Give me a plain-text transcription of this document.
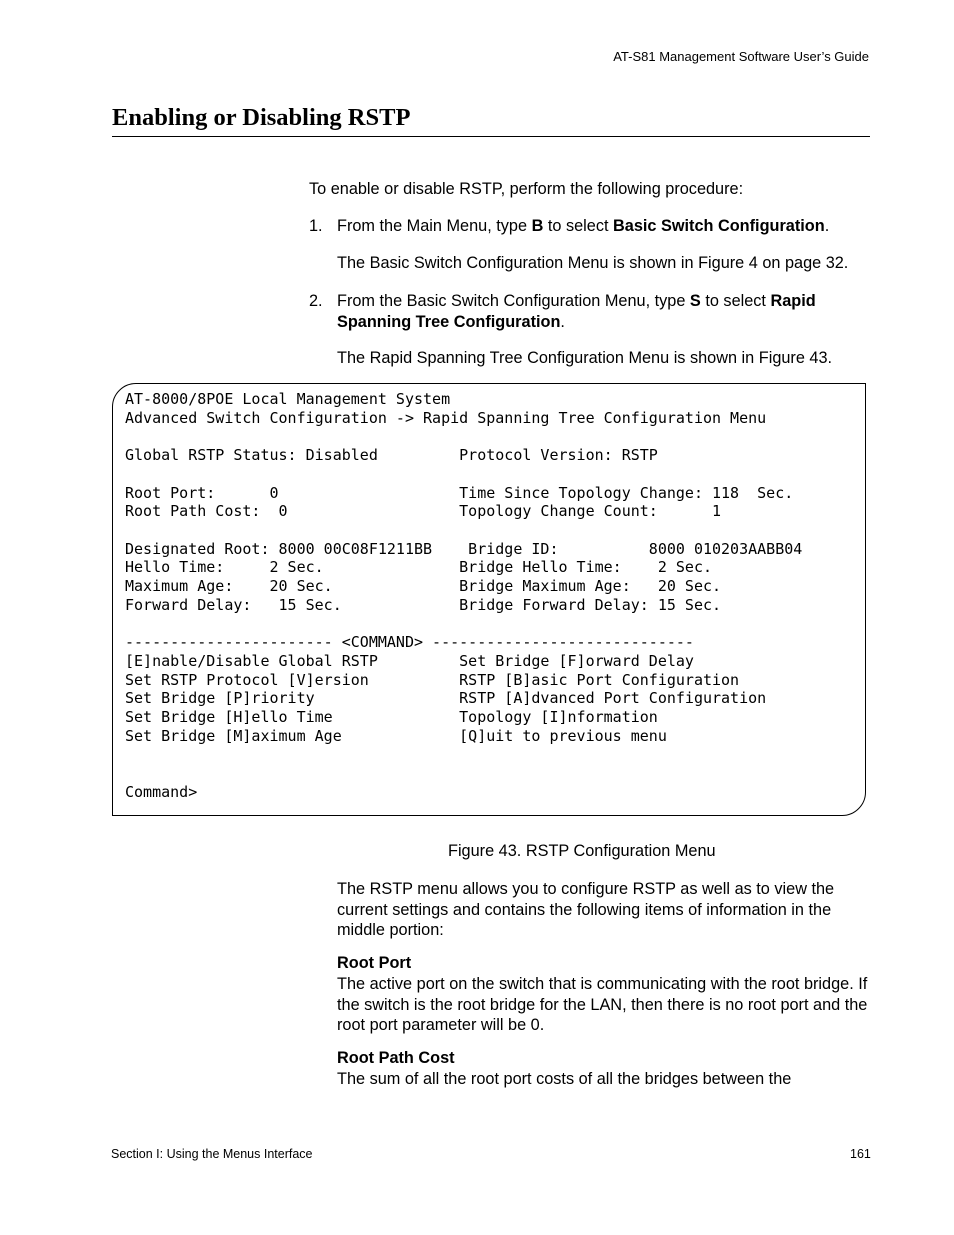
AT-S81 Management Software User’s Guide
Enabling or Disabling RSTP
To enable or disable RSTP, perform the following procedure:
1. From the Main Menu, type B to select Basic Switch Configuration.
The Basic Switch Configuration Menu is shown in Figure 4 on page 32.
2. From the Basic Switch Configuration Menu, type S to select Rapid Spanning Tree Configuration.
The Rapid Spanning Tree Configuration Menu is shown in Figure 43.
AT-8000/8POE Local Management System
Advanced Switch Configuration -> Rapid Spanning Tree Configuration Menu
Global RSTP Status: Disabled         Protocol Version: RSTP
Root Port:      0                    Time Since Topology Change: 118  Sec.
Root Path Cost:  0                   Topology Change Count:      1
Designated Root: 8000 00C08F1211BB    Bridge ID:          8000 010203AABB04
Hello Time:     2 Sec.               Bridge Hello Time:    2 Sec.
Maximum Age:    20 Sec.              Bridge Maximum Age:   20 Sec.
Forward Delay:   15 Sec.             Bridge Forward Delay: 15 Sec.
----------------------- <COMMAND> -----------------------------
[E]nable/Disable Global RSTP         Set Bridge [F]orward Delay
Set RSTP Protocol [V]ersion          RSTP [B]asic Port Configuration
Set Bridge [P]riority                RSTP [A]dvanced Port Configuration
Set Bridge [H]ello Time              Topology [I]nformation
Set Bridge [M]aximum Age             [Q]uit to previous menu
Command>
Figure 43. RSTP Configuration Menu
The RSTP menu allows you to configure RSTP as well as to view the current settings and contains the following items of information in the middle portion:
Root Port
The active port on the switch that is communicating with the root bridge. If the switch is the root bridge for the LAN, then there is no root port and the root port parameter will be 0.
Root Path Cost
The sum of all the root port costs of all the bridges between the
Section I: Using the Menus Interface	161
